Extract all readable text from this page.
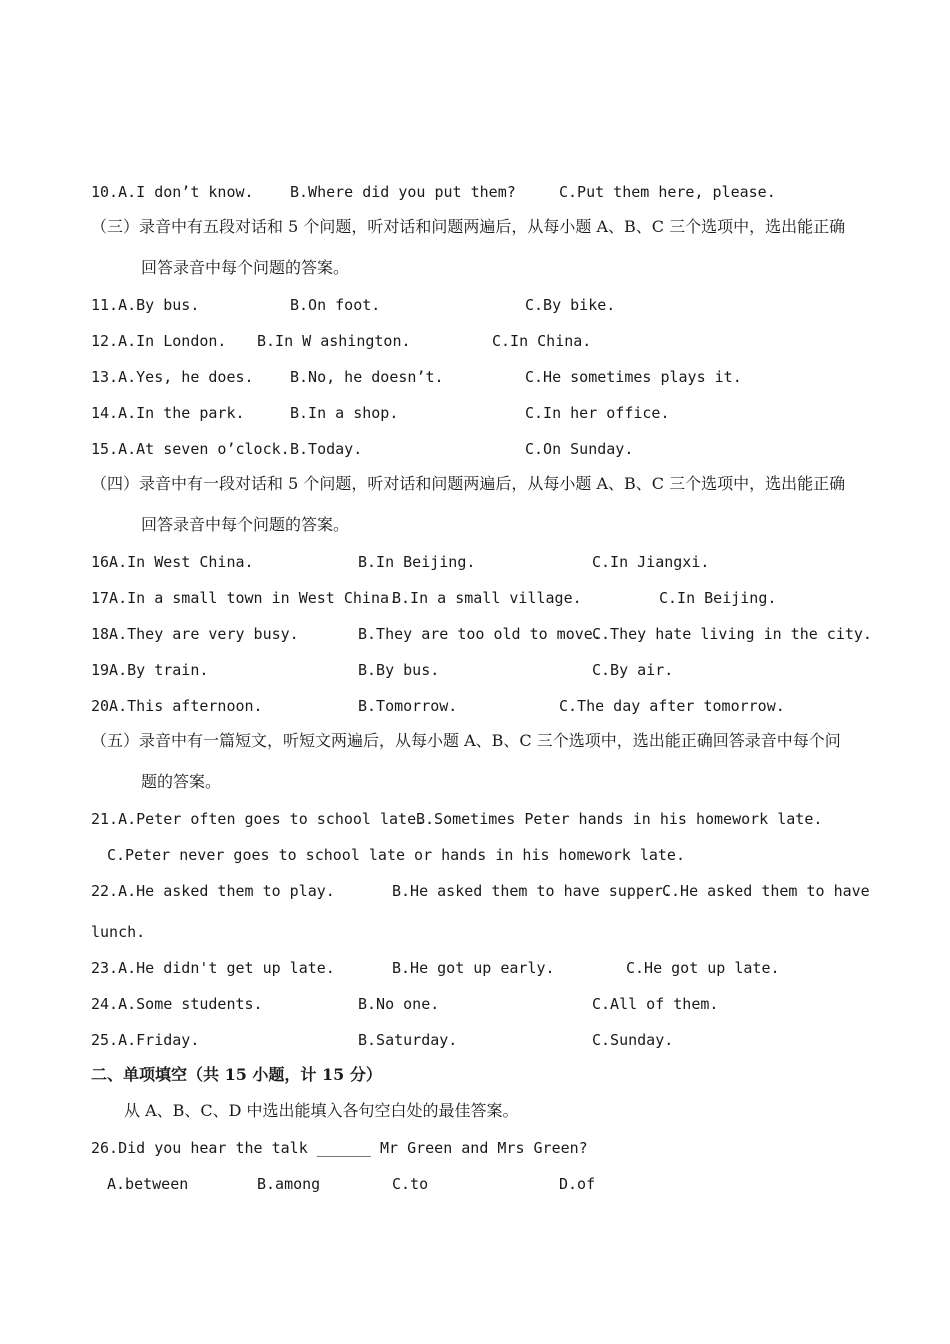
10.A.I don’t know. B.Where did you put them?	C.Put them here, please.
（三）录音中有五段对话和 5 个问题，听对话和问题两遍后，从每小题 A、B、C 三个选项中，选出能正确
回答录音中每个问题的答案。
11.A.By bus.	B.On foot.	C.By bike.
12.A.In London. B.In W ashington.	C.In China.
13.A.Yes, he does. B.No, he doesn’t.	C.He sometimes plays it.
14.A.In the park.	B.In a shop.	C.In her office.
15.A.At seven o’clock. B.Today.	C.On Sunday.
（四）录音中有一段对话和 5 个问题，听对话和问题两遍后，从每小题 A、B、C 三个选项中，选出能正确
回答录音中每个问题的答案。
16A.In West China.	B.In Beijing.	C.In Jiangxi.
17A.In a small town in West China.
B.In a small village.	C.In Beijing.
18A.They are very busy.	B.They are too old to move.
C.They hate living in the city.
19A.By train.	B.By bus.	C.By air.
20A.This afternoon.	B.Tomorrow.	C.The day after tomorrow.
（五）录音中有一篇短文，听短文两遍后，从每小题 A、B、C 三个选项中，选出能正确回答录音中每个问
题的答案。
21.A.Peter often goes to school late.
B.Sometimes Peter hands in his homework late.
C.Peter never goes to school late or hands in his homework late.
22.A.He asked them to play.	B.He asked them to have supper.
C.He asked them to have
lunch.
23.A.He didn't get up late.	B.He got up early.	C.He got up late.
24.A.Some students.	B.No one.	C.All of them.
25.A.Friday.	B.Saturday.	C.Sunday.
二、单项填空（共 15 小题，计 15 分）
从 A、B、C、D 中选出能填入各句空白处的最佳答案。
26.Did you hear the talk ______ Mr Green and Mrs Green?
A.between	B.among	C.to	D.of
